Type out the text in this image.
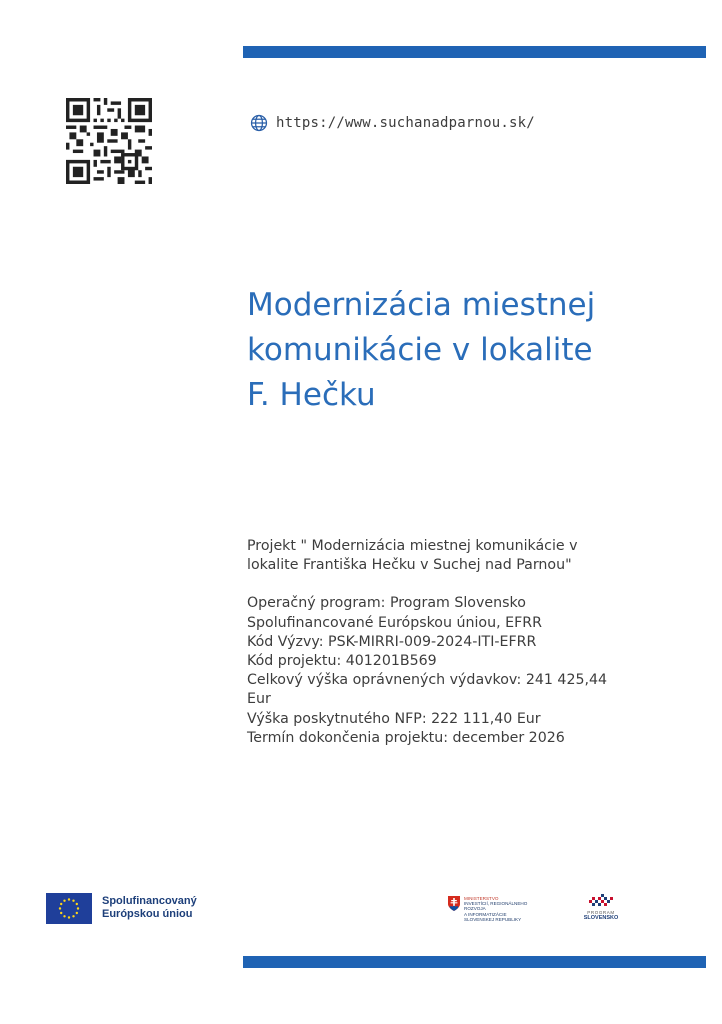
https://www.suchanadparnou.sk/
Modernizácia miestnej
komunikácie v lokalite
F. Hečku
Projekt " Modernizácia miestnej komunikácie v
lokalite Františka Hečku v Suchej nad Parnou"
Operačný program: Program Slovensko
Spolufinancované Európskou úniou, EFRR
Kód Výzvy: PSK-MIRRI-009-2024-ITI-EFRR
Kód projektu: 401201B569
Celkový výška oprávnených výdavkov: 241 425,44
Eur
Výška poskytnutého NFP: 222 111,40 Eur
Termín dokončenia projektu: december 2026
Spolufinancovaný
Európskou úniou
MINISTERSTVO
INVESTÍCIÍ, REGIONÁLNEHO ROZVOJA
A INFORMATIZÁCIE
SLOVENSKEJ REPUBLIKY
PROGRAM
SLOVENSKO
